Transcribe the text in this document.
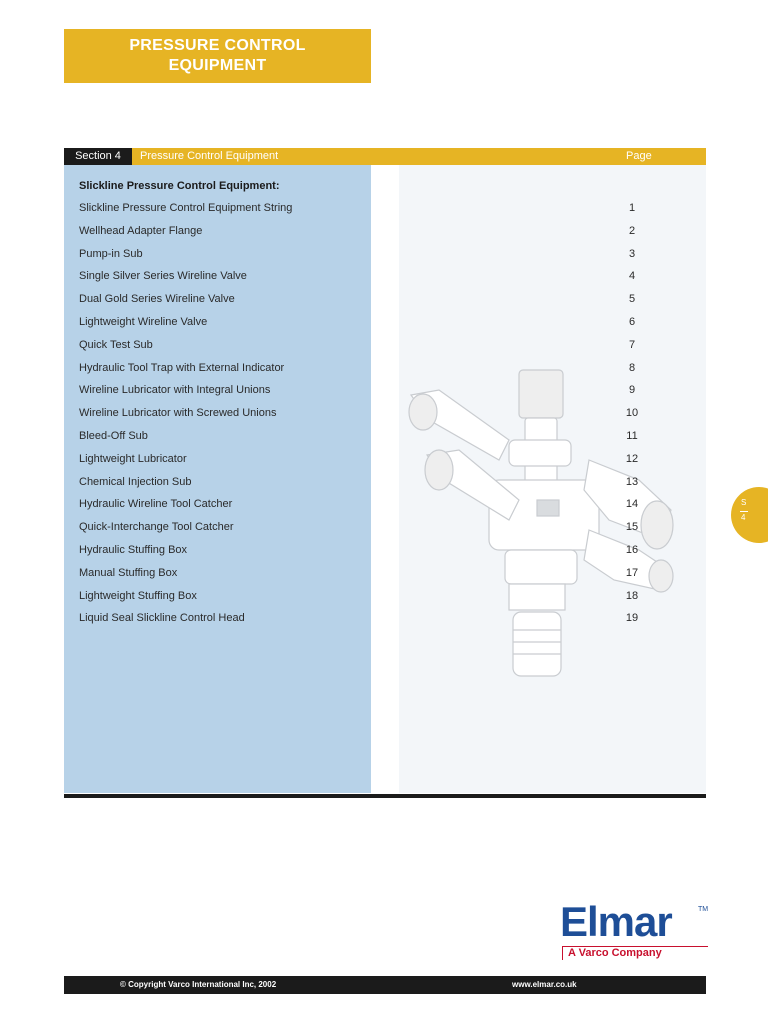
PRESSURE CONTROL
EQUIPMENT
Section 4	Pressure Control Equipment	Page
Slickline Pressure Control Equipment:
Slickline Pressure Control Equipment String	1
Wellhead Adapter Flange	2
Pump-in Sub	3
Single Silver Series Wireline Valve	4
Dual Gold Series Wireline Valve	5
Lightweight Wireline Valve	6
Quick Test Sub	7
Hydraulic Tool Trap with External Indicator	8
Wireline Lubricator with Integral Unions	9
Wireline Lubricator with Screwed Unions	10
Bleed-Off Sub	11
Lightweight Lubricator	12
Chemical Injection Sub	13
Hydraulic Wireline Tool Catcher	14
Quick-Interchange Tool Catcher	15
Hydraulic Stuffing Box	16
Manual Stuffing Box	17
Lightweight Stuffing Box	18
Liquid Seal Slickline Control Head	19
S
4
Elmar	TM
A Varco Company
© Copyright Varco International Inc, 2002	www.elmar.co.uk
